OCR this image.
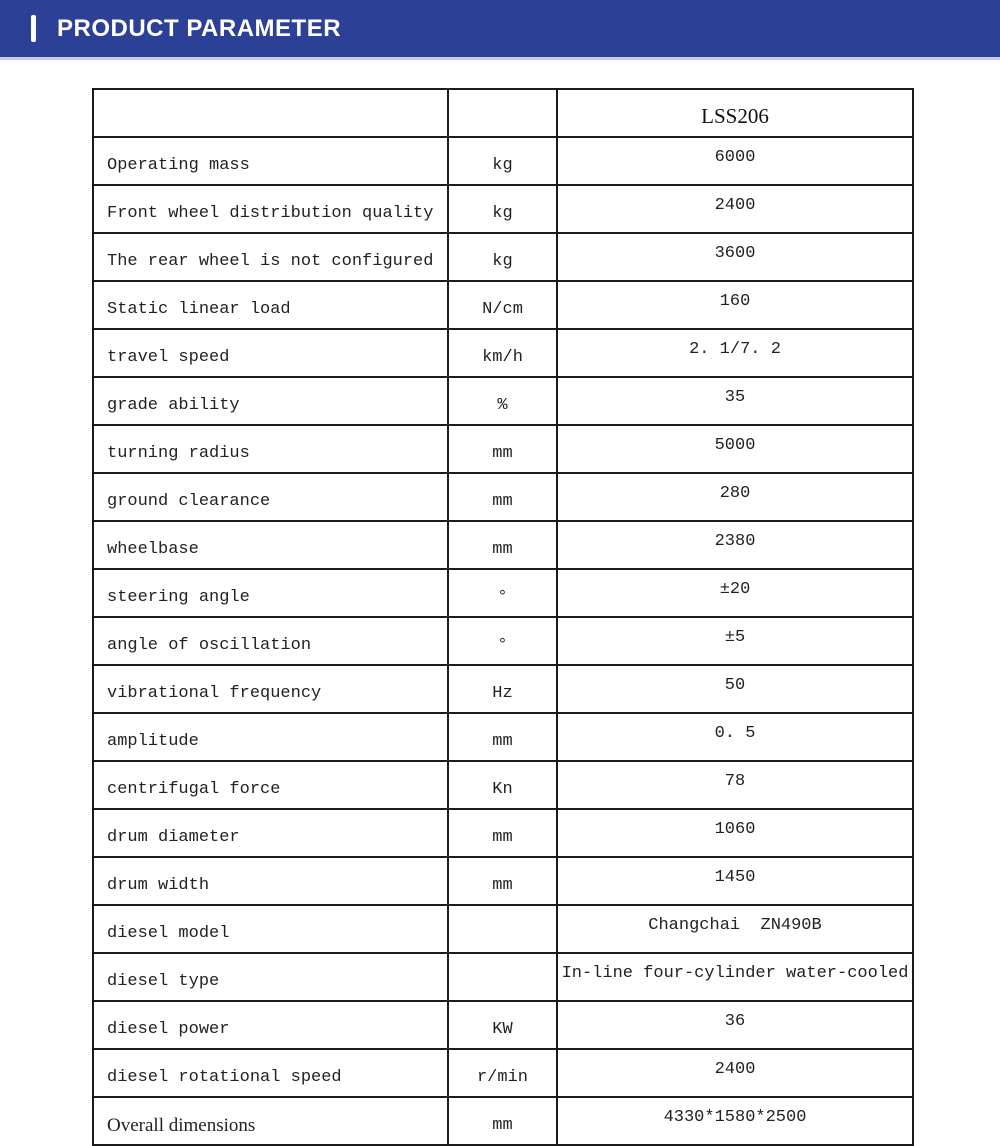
PRODUCT PARAMETER
		LSS206
Operating mass	kg	6000
Front wheel distribution quality	kg	2400
The rear wheel is not configured	kg	3600
Static linear load	N/cm	160
travel speed	km/h	2. 1/7. 2
grade ability	%	35
turning radius	mm	5000
ground clearance	mm	280
wheelbase	mm	2380
steering angle	°	±20
angle of oscillation	°	±5
vibrational frequency	Hz	50
amplitude	mm	0. 5
centrifugal force	Kn	78
drum diameter	mm	1060
drum width	mm	1450
diesel model		Changchai  ZN490B
diesel type		In-line four-cylinder water-cooled
diesel power	KW	36
diesel rotational speed	r/min	2400
Overall dimensions	mm	4330*1580*2500
